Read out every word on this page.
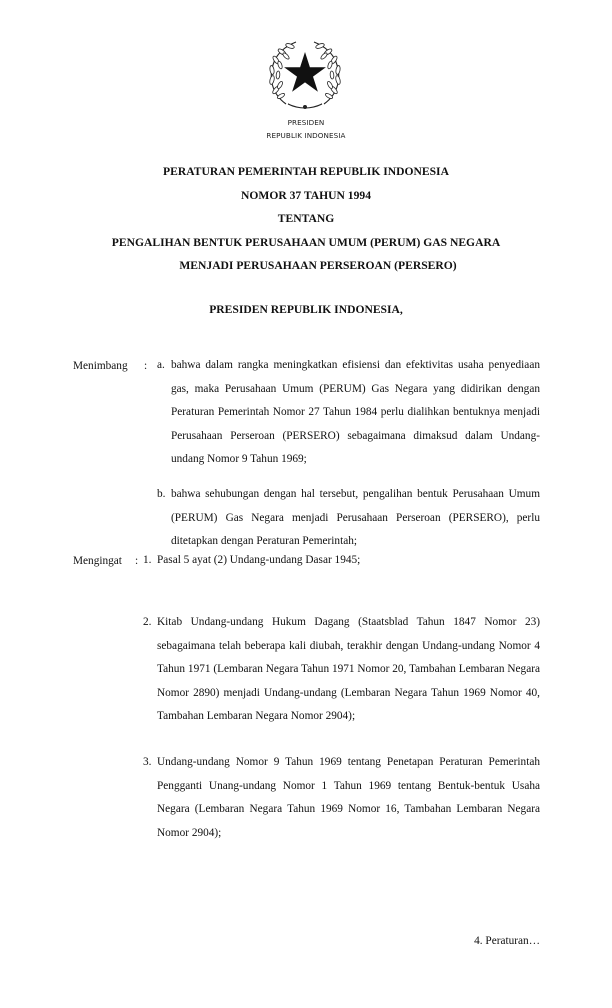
PRESIDEN
REPUBLIK INDONESIA
PERATURAN PEMERINTAH REPUBLIK INDONESIA
NOMOR 37 TAHUN 1994
TENTANG
PENGALIHAN BENTUK PERUSAHAAN UMUM (PERUM) GAS NEGARA
MENJADI PERUSAHAAN PERSEROAN (PERSERO)
PRESIDEN REPUBLIK INDONESIA,
Menimbang : a. bahwa dalam rangka meningkatkan efisiensi dan efektivitas usaha penyediaan gas, maka Perusahaan Umum (PERUM) Gas Negara yang didirikan dengan Peraturan Pemerintah Nomor 27 Tahun 1984 perlu dialihkan bentuknya menjadi Perusahaan Perseroan (PERSERO) sebagaimana dimaksud dalam Undang-undang Nomor 9 Tahun 1969;
b. bahwa sehubungan dengan hal tersebut, pengalihan bentuk Perusahaan Umum (PERUM) Gas Negara menjadi Perusahaan Perseroan (PERSERO), perlu ditetapkan dengan Peraturan Pemerintah;
Mengingat : 1. Pasal 5 ayat (2) Undang-undang Dasar 1945;
2. Kitab Undang-undang Hukum Dagang (Staatsblad Tahun 1847 Nomor 23) sebagaimana telah beberapa kali diubah, terakhir dengan Undang-undang Nomor 4 Tahun 1971 (Lembaran Negara Tahun 1971 Nomor 20, Tambahan Lembaran Negara Nomor 2890) menjadi Undang-undang (Lembaran Negara Tahun 1969 Nomor 40, Tambahan Lembaran Negara Nomor 2904);
3. Undang-undang Nomor 9 Tahun 1969 tentang Penetapan Peraturan Pemerintah Pengganti Unang-undang Nomor 1 Tahun 1969 tentang Bentuk-bentuk Usaha Negara (Lembaran Negara Tahun 1969 Nomor 16, Tambahan Lembaran Negara Nomor 2904);
4. Peraturan…
